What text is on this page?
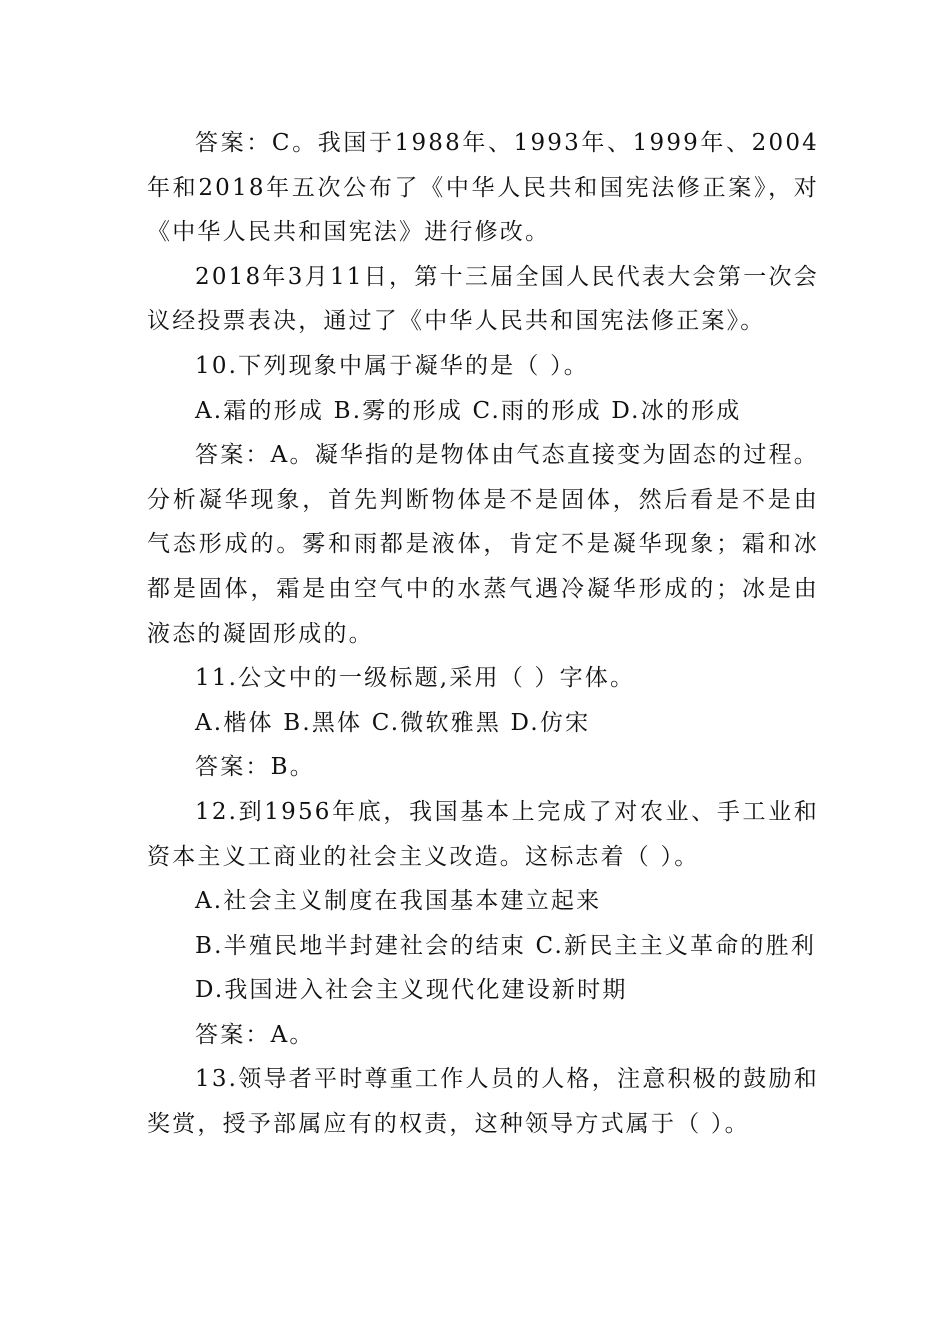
答案：C。我国于1988年、1993年、1999年、2004年和2018年五次公布了《中华人民共和国宪法修正案》，对《中华人民共和国宪法》进行修改。

2018年3月11日，第十三届全国人民代表大会第一次会议经投票表决，通过了《中华人民共和国宪法修正案》。

10.下列现象中属于凝华的是（ ）。

A.霜的形成 B.雾的形成 C.雨的形成 D.冰的形成

答案：A。凝华指的是物体由气态直接变为固态的过程。分析凝华现象，首先判断物体是不是固体，然后看是不是由气态形成的。雾和雨都是液体，肯定不是凝华现象；霜和冰都是固体，霜是由空气中的水蒸气遇冷凝华形成的；冰是由液态的凝固形成的。

11.公文中的一级标题,采用（ ）字体。

A.楷体 B.黑体 C.微软雅黑 D.仿宋

答案：B。

12.到1956年底，我国基本上完成了对农业、手工业和资本主义工商业的社会主义改造。这标志着（ ）。

A.社会主义制度在我国基本建立起来

B.半殖民地半封建社会的结束 C.新民主主义革命的胜利

D.我国进入社会主义现代化建设新时期

答案：A。

13.领导者平时尊重工作人员的人格，注意积极的鼓励和奖赏，授予部属应有的权责，这种领导方式属于（ ）。
